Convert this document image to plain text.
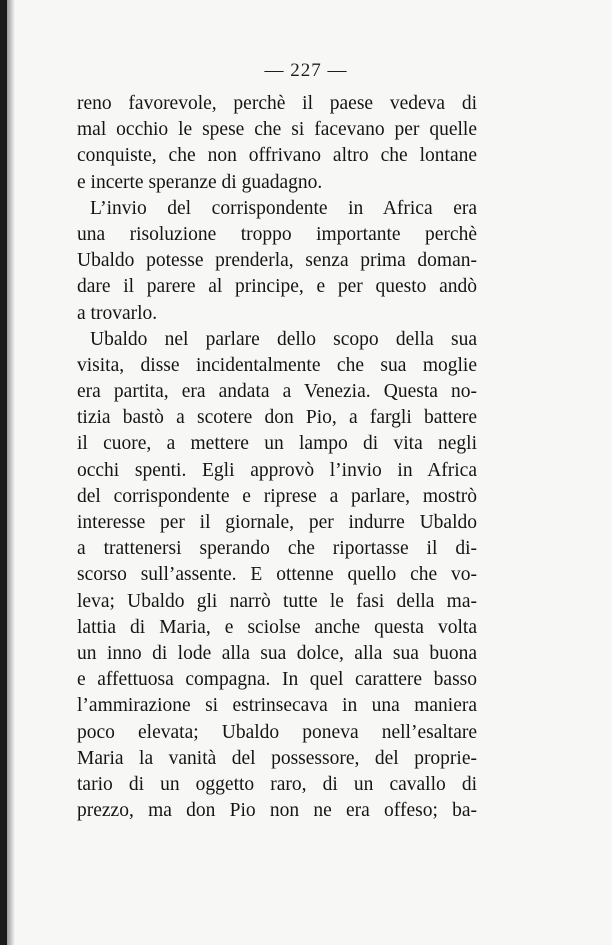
— 227 —
reno favorevole, perchè il paese vedeva di
mal occhio le spese che si facevano per quelle
conquiste, che non offrivano altro che lontane
e incerte speranze di guadagno.
L’invio del corrispondente in Africa era
una risoluzione troppo importante perchè
Ubaldo potesse prenderla, senza prima doman-
dare il parere al principe, e per questo andò
a trovarlo.
Ubaldo nel parlare dello scopo della sua
visita, disse incidentalmente che sua moglie
era partita, era andata a Venezia. Questa no-
tizia bastò a scotere don Pio, a fargli battere
il cuore, a mettere un lampo di vita negli
occhi spenti. Egli approvò l’invio in Africa
del corrispondente e riprese a parlare, mostrò
interesse per il giornale, per indurre Ubaldo
a trattenersi sperando che riportasse il di-
scorso sull’assente. E ottenne quello che vo-
leva; Ubaldo gli narrò tutte le fasi della ma-
lattia di Maria, e sciolse anche questa volta
un inno di lode alla sua dolce, alla sua buona
e affettuosa compagna. In quel carattere basso
l’ammirazione si estrinsecava in una maniera
poco elevata; Ubaldo poneva nell’esaltare
Maria la vanità del possessore, del proprie-
tario di un oggetto raro, di un cavallo di
prezzo, ma don Pio non ne era offeso; ba-
